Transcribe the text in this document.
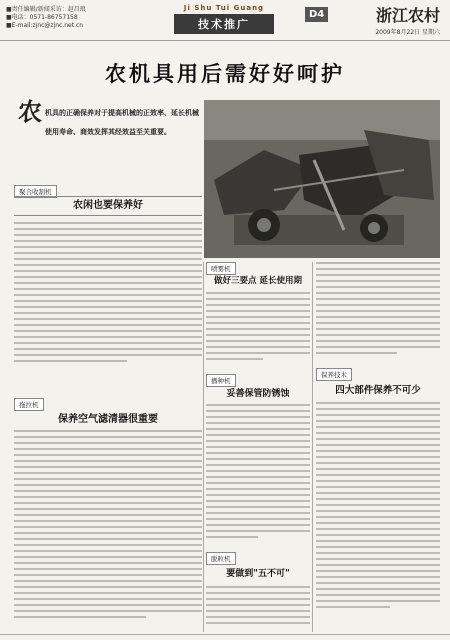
■责任编辑/新闻采访：赵昌琅
■电话：0571-86757158
■E-mail:zjnc@zjnc.net.cn
Ji Shu Tui Guang
技术推广
D4	浙江农村
2009年8月22日 星期六
农机具用后需好好呵护
农 机具的正确保养对于提高机械的正效率、延长机械使用寿命、商效发挥其经效益至关重要。
聚合收割机
农闲也要保养好
拖拉机
保养空气滤清器很重要
喷雾机
做好三要点 延长使用期
播种机
妥善保管防锈蚀
脱粒机
要做到"五不可"
保养技术
四大部件保养不可少
